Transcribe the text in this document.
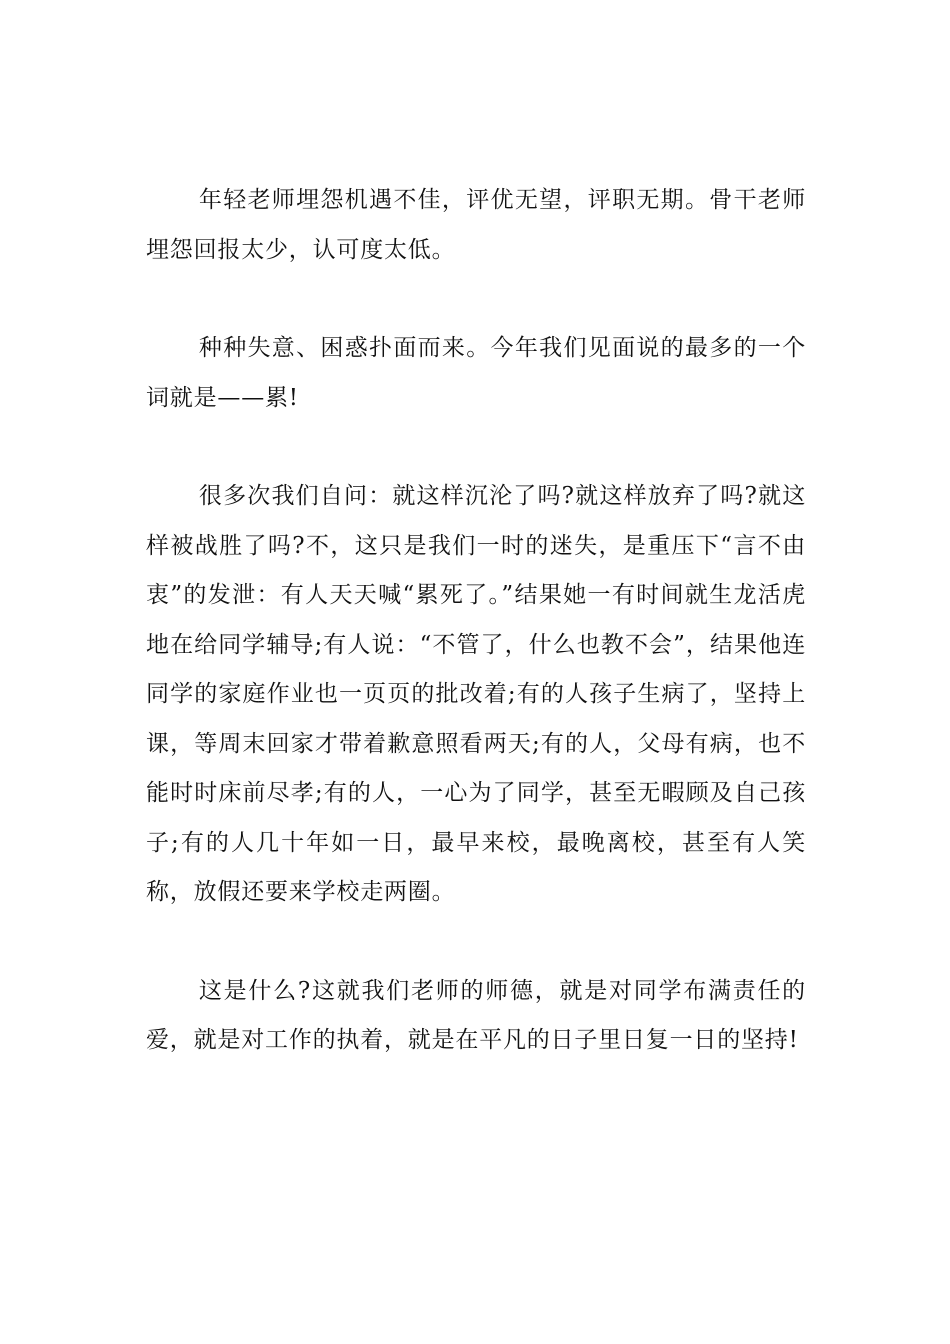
年轻老师埋怨机遇不佳，评优无望，评职无期。骨干老师埋怨回报太少，认可度太低。

种种失意、困惑扑面而来。今年我们见面说的最多的一个词就是——累!

很多次我们自问：就这样沉沦了吗?就这样放弃了吗?就这样被战胜了吗?不，这只是我们一时的迷失，是重压下“言不由衷”的发泄：有人天天喊“累死了。”结果她一有时间就生龙活虎地在给同学辅导;有人说：“不管了，什么也教不会”，结果他连同学的家庭作业也一页页的批改着;有的人孩子生病了，坚持上课，等周末回家才带着歉意照看两天;有的人，父母有病，也不能时时床前尽孝;有的人，一心为了同学，甚至无暇顾及自己孩子;有的人几十年如一日，最早来校，最晚离校，甚至有人笑称，放假还要来学校走两圈。

这是什么?这就我们老师的师德，就是对同学布满责任的爱，就是对工作的执着，就是在平凡的日子里日复一日的坚持!
